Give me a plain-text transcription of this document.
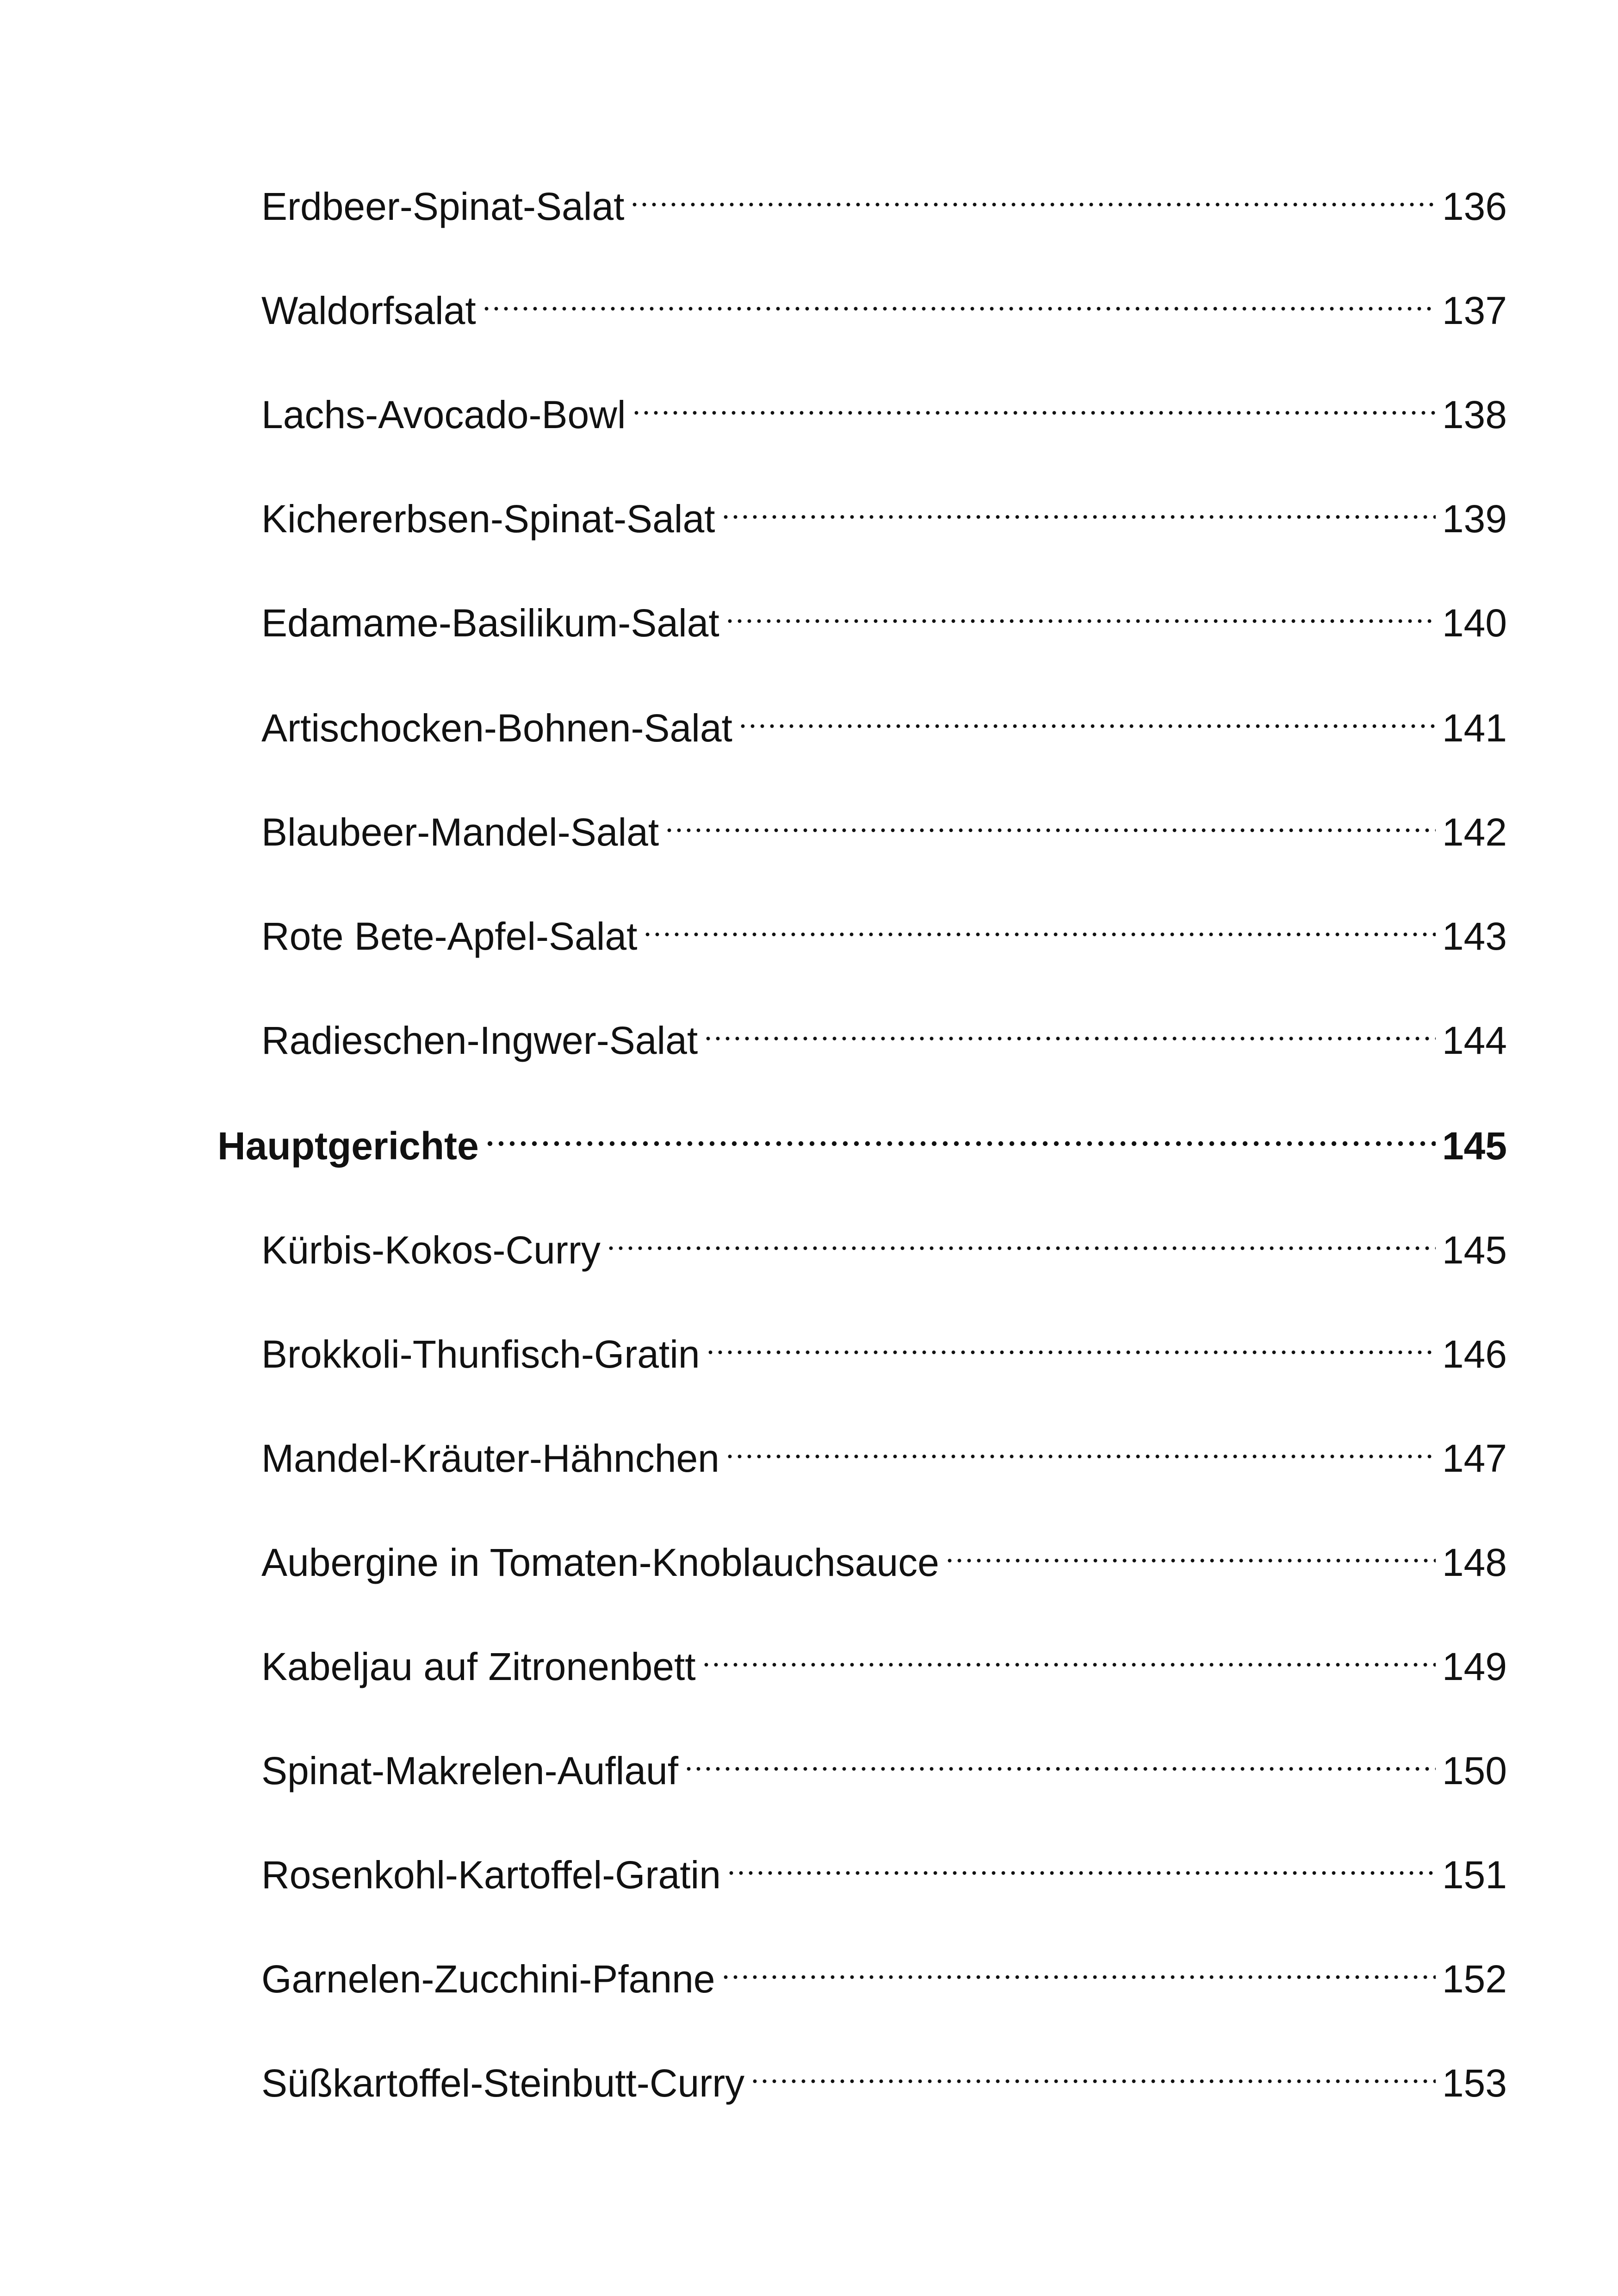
Erdbeer-Spinat-Salat	136
Waldorfsalat	137
Lachs-Avocado-Bowl	138
Kichererbsen-Spinat-Salat	139
Edamame-Basilikum-Salat	140
Artischocken-Bohnen-Salat	141
Blaubeer-Mandel-Salat	142
Rote Bete-Apfel-Salat	143
Radieschen-Ingwer-Salat	144
Hauptgerichte	145
Kürbis-Kokos-Curry	145
Brokkoli-Thunfisch-Gratin	146
Mandel-Kräuter-Hähnchen	147
Aubergine in Tomaten-Knoblauchsauce	148
Kabeljau auf Zitronenbett	149
Spinat-Makrelen-Auflauf	150
Rosenkohl-Kartoffel-Gratin	151
Garnelen-Zucchini-Pfanne	152
Süßkartoffel-Steinbutt-Curry	153
